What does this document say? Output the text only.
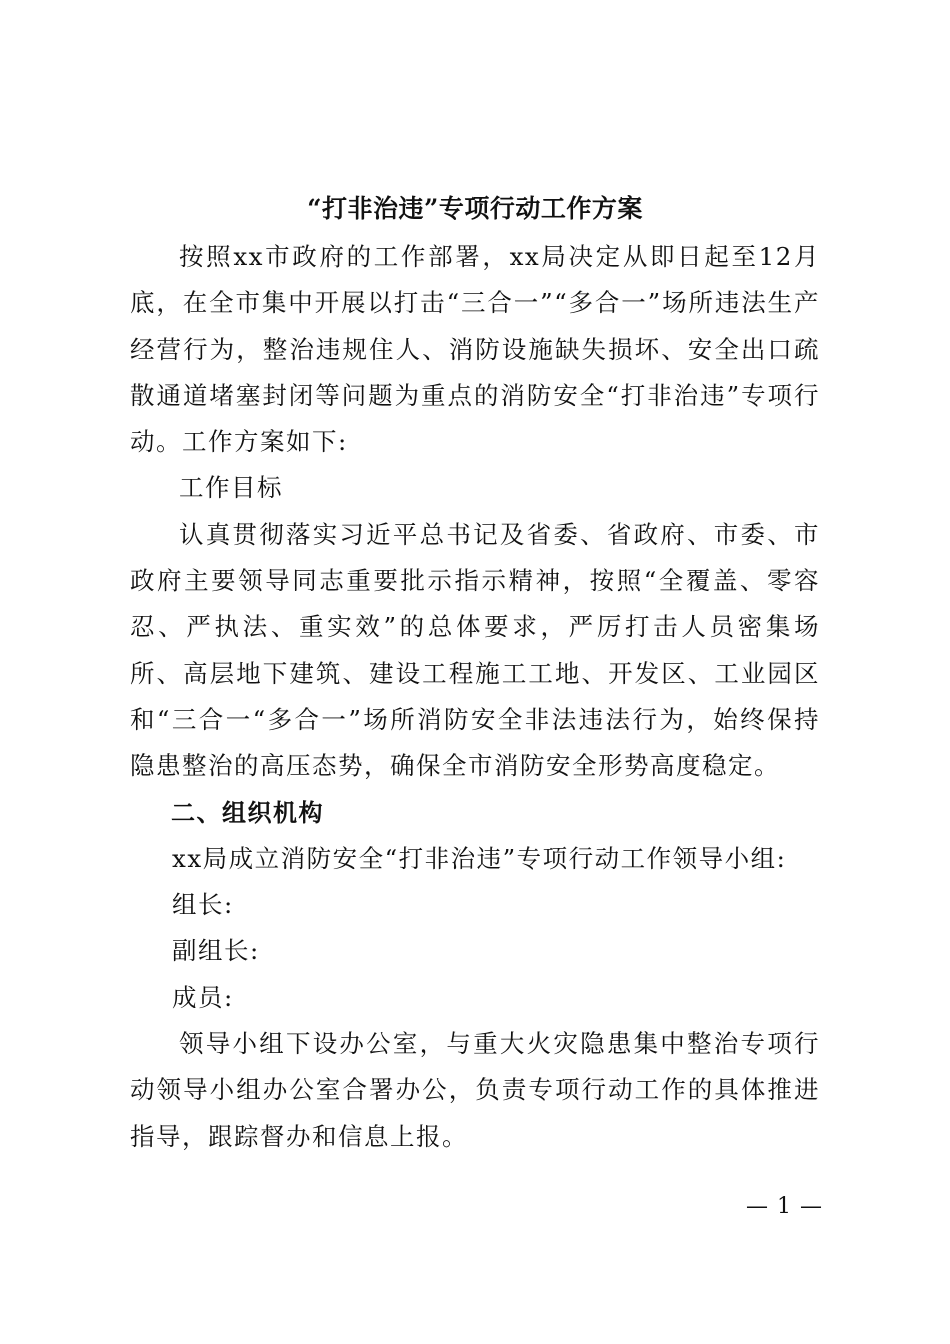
“打非治违”专项行动工作方案

按照xx市政府的工作部署，xx局决定从即日起至12月底，在全市集中开展以打击“三合一”“多合一”场所违法生产经营行为，整治违规住人、消防设施缺失损坏、安全出口疏散通道堵塞封闭等问题为重点的消防安全“打非治违”专项行动。工作方案如下:

工作目标

认真贯彻落实习近平总书记及省委、省政府、市委、市政府主要领导同志重要批示指示精神，按照“全覆盖、零容忍、严执法、重实效”的总体要求，严厉打击人员密集场所、高层地下建筑、建设工程施工工地、开发区、工业园区和“三合一“多合一”场所消防安全非法违法行为，始终保持隐患整治的高压态势，确保全市消防安全形势高度稳定。

二、组织机构

xx局成立消防安全“打非治违”专项行动工作领导小组:

组长:

副组长:

成员:

领导小组下设办公室，与重大火灾隐患集中整治专项行动领导小组办公室合署办公，负责专项行动工作的具体推进指导，跟踪督办和信息上报。

— 1 —
